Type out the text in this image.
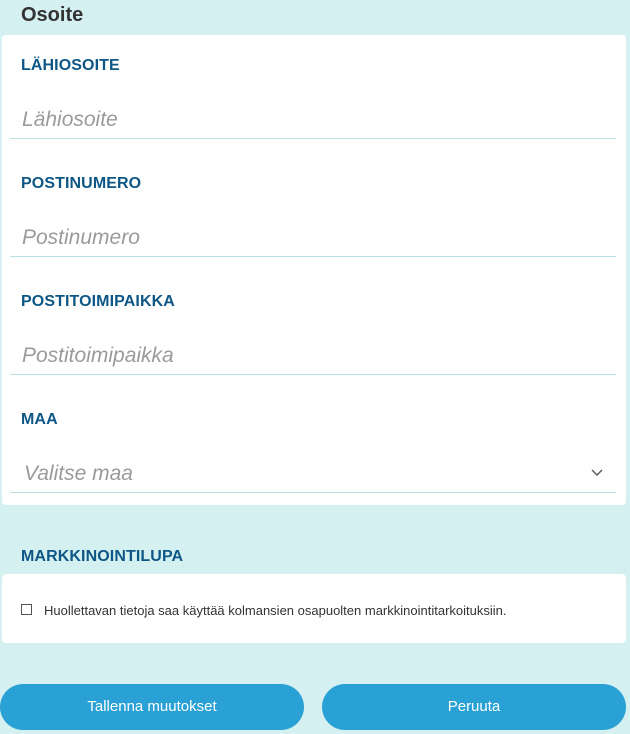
Osoite
LÄHIOSOITE
Lähiosoite
POSTINUMERO
Postinumero
POSTITOIMIPAIKKA
Postitoimipaikka
MAA
Valitse maa
MARKKINOINTILUPA
Huollettavan tietoja saa käyttää kolmansien osapuolten markkinointitarkoituksiin.
Tallenna muutokset	Peruuta
